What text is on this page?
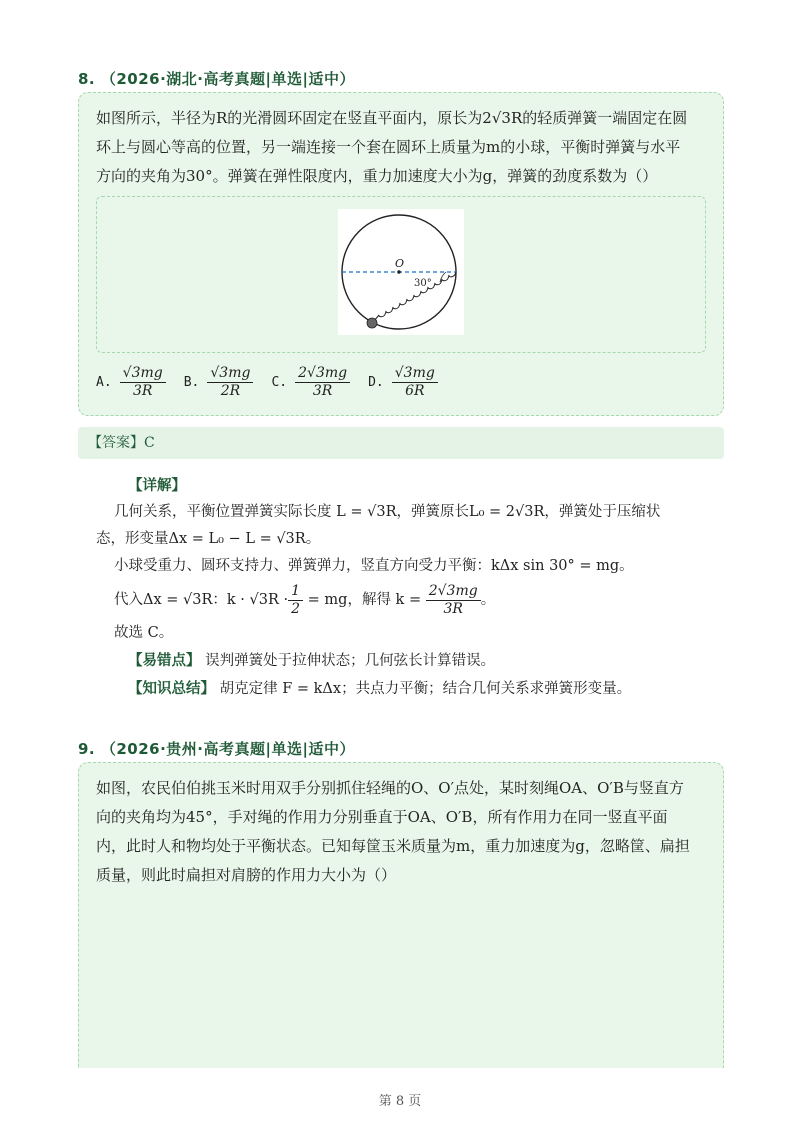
8. （2026·湖北·高考真题|单选|适中）
如图所示，半径为R的光滑圆环固定在竖直平面内，原长为2√3R的轻质弹簧一端固定在圆
环上与圆心等高的位置，另一端连接一个套在圆环上质量为m的小球，平衡时弹簧与水平
方向的夹角为30°。弹簧在弹性限度内，重力加速度大小为g，弹簧的劲度系数为（）
O
30°
A. $\frac{√3mg}{3R} B$. $\frac{√3mg}{2R} C$. $\frac{2√3mg}{3R} D$. $\frac{√3mg}{6R}$
【答案】C
【详解】
几何关系，平衡位置弹簧实际长度 L = √3R，弹簧原长L₀ = 2√3R，弹簧处于压缩状
态，形变量Δx = L₀ − L = √3R。
小球受重力、圆环支持力、弹簧弹力，竖直方向受力平衡：kΔx sin 30° = mg。
代入Δx = √3R：$k \cdot √3R \cdot \frac{1}{2}$ = mg，解得 $k = \frac{2√3mg}{3R}$ 。
故选 C。
【易错点】 误判弹簧处于拉伸状态；几何弦长计算错误。
【知识总结】 胡克定律 F = kΔx；共点力平衡；结合几何关系求弹簧形变量。
9. （2026·贵州·高考真题|单选|适中）
如图，农民伯伯挑玉米时用双手分别抓住轻绳的O、O′点处，某时刻绳OA、O′B与竖直方
向的夹角均为45°，手对绳的作用力分别垂直于OA、O′B，所有作用力在同一竖直平面
内，此时人和物均处于平衡状态。已知每筐玉米质量为m，重力加速度为g，忽略筐、扁担
质量，则此时扁担对肩膀的作用力大小为（）
第 8 页
